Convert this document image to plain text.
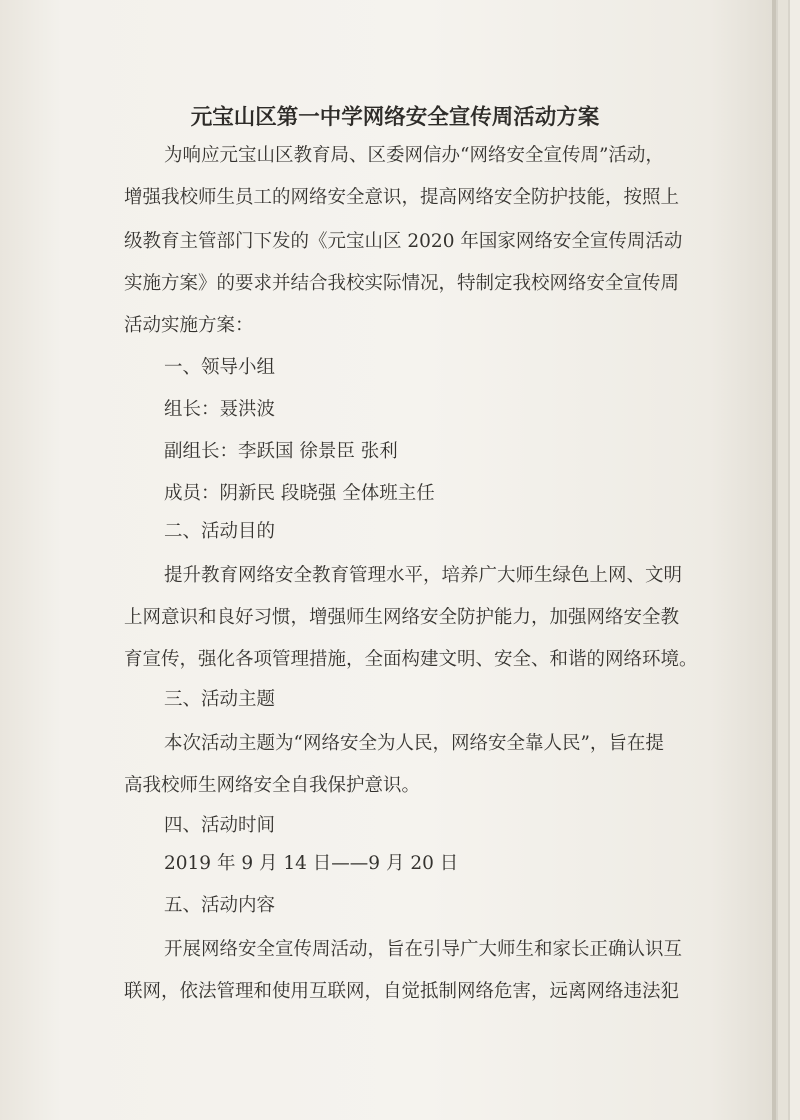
元宝山区第一中学网络安全宣传周活动方案
为响应元宝山区教育局、区委网信办“网络安全宣传周”活动，
增强我校师生员工的网络安全意识，提高网络安全防护技能，按照上
级教育主管部门下发的《元宝山区 2020 年国家网络安全宣传周活动
实施方案》的要求并结合我校实际情况，特制定我校网络安全宣传周
活动实施方案：
一、领导小组
组长：聂洪波
副组长：李跃国 徐景臣 张利
成员：阴新民 段晓强 全体班主任
二、活动目的
提升教育网络安全教育管理水平，培养广大师生绿色上网、文明
上网意识和良好习惯，增强师生网络安全防护能力，加强网络安全教
育宣传，强化各项管理措施，全面构建文明、安全、和谐的网络环境。
三、活动主题
本次活动主题为“网络安全为人民，网络安全靠人民”，旨在提
高我校师生网络安全自我保护意识。
四、活动时间
2019 年 9 月 14 日——9 月 20 日
五、活动内容
开展网络安全宣传周活动，旨在引导广大师生和家长正确认识互
联网，依法管理和使用互联网，自觉抵制网络危害，远离网络违法犯
